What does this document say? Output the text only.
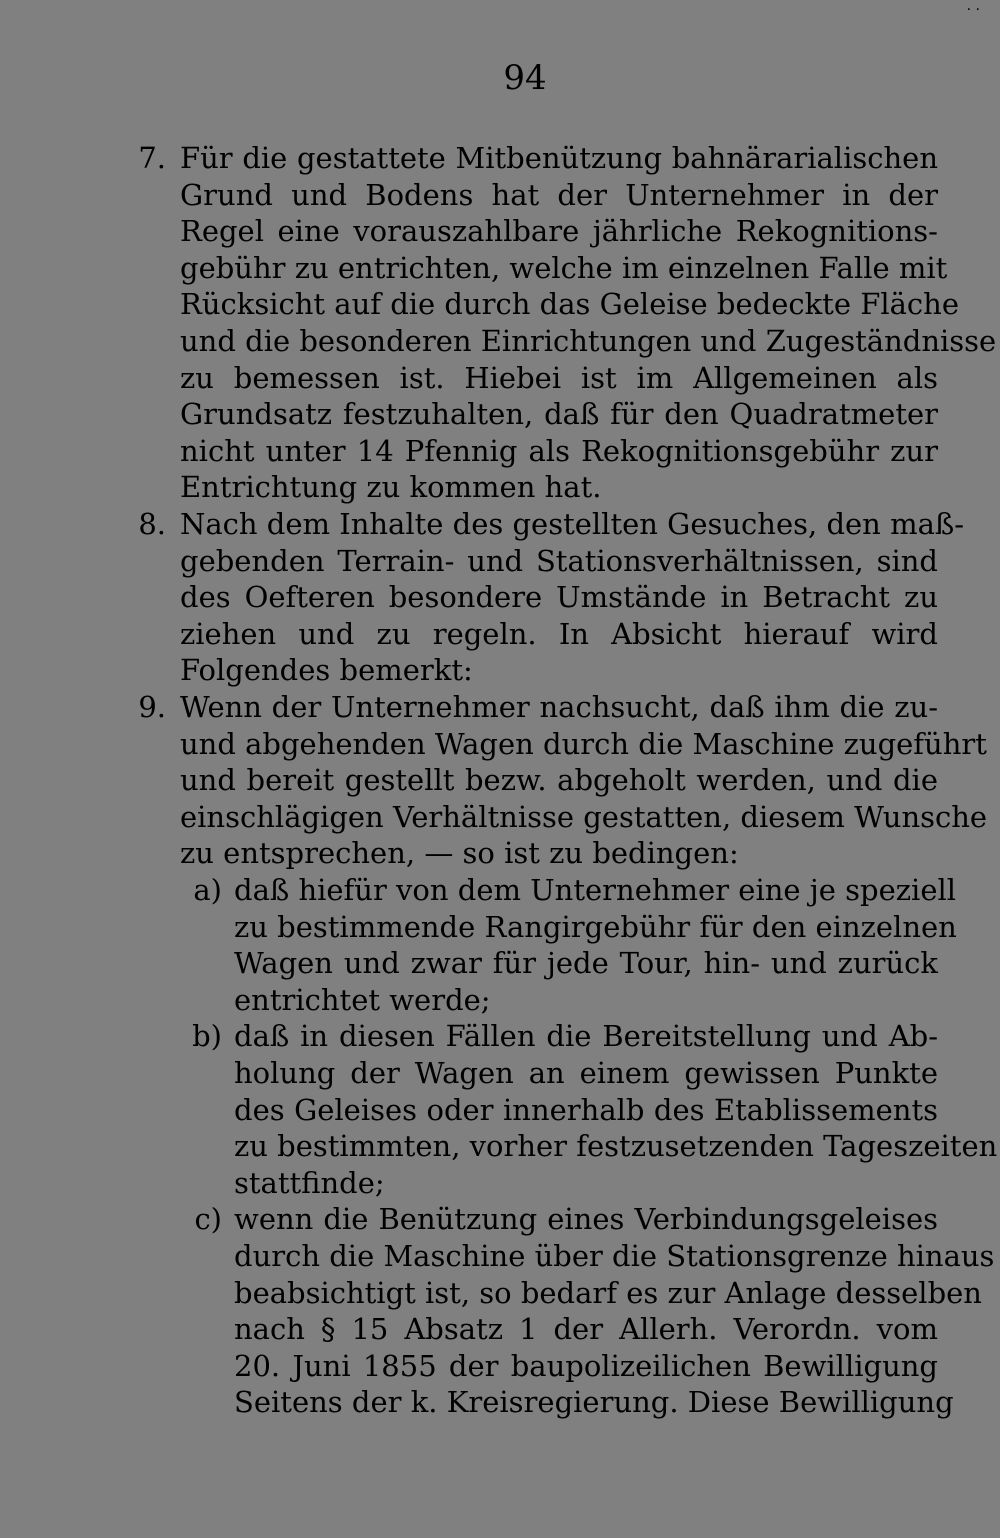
· ·
94
7. Für die gestattete Mitbenützung bahnärarialischen
Grund und Bodens hat der Unternehmer in der
Regel eine vorauszahlbare jährliche Rekognitions-
gebühr zu entrichten, welche im einzelnen Falle mit
Rücksicht auf die durch das Geleise bedeckte Fläche
und die besonderen Einrichtungen und Zugeständnisse
zu bemessen ist. Hiebei ist im Allgemeinen als
Grundsatz festzuhalten, daß für den Quadratmeter
nicht unter 14 Pfennig als Rekognitionsgebühr zur
Entrichtung zu kommen hat.
8. Nach dem Inhalte des gestellten Gesuches, den maß-
gebenden Terrain- und Stationsverhältnissen, sind
des Oefteren besondere Umstände in Betracht zu
ziehen und zu regeln. In Absicht hierauf wird
Folgendes bemerkt:
9. Wenn der Unternehmer nachsucht, daß ihm die zu-
und abgehenden Wagen durch die Maschine zugeführt
und bereit gestellt bezw. abgeholt werden, und die
einschlägigen Verhältnisse gestatten, diesem Wunsche
zu entsprechen, — so ist zu bedingen:
a) daß hiefür von dem Unternehmer eine je speziell
zu bestimmende Rangirgebühr für den einzelnen
Wagen und zwar für jede Tour, hin- und zurück
entrichtet werde;
b) daß in diesen Fällen die Bereitstellung und Ab-
holung der Wagen an einem gewissen Punkte
des Geleises oder innerhalb des Etablissements
zu bestimmten, vorher festzusetzenden Tageszeiten
stattfinde;
c) wenn die Benützung eines Verbindungsgeleises
durch die Maschine über die Stationsgrenze hinaus
beabsichtigt ist, so bedarf es zur Anlage desselben
nach § 15 Absatz 1 der Allerh. Verordn. vom
20. Juni 1855 der baupolizeilichen Bewilligung
Seitens der k. Kreisregierung. Diese Bewilligung
